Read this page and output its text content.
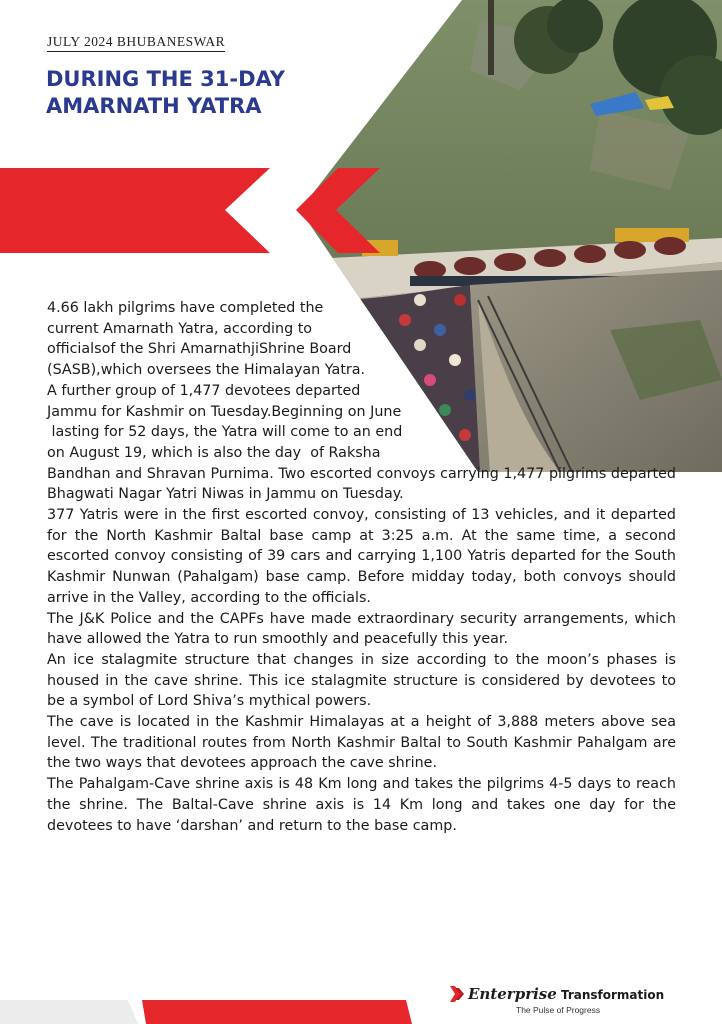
JULY 2024 BHUBANESWAR
DURING THE 31-DAY AMARNATH YATRA

4.66 lakh pilgrims have completed the
current Amarnath Yatra, according to
officialsof the Shri AmarnathjiShrine Board
(SASB),which oversees the Himalayan Yatra.
A further group of 1,477 devotees departed
Jammu for Kashmir on Tuesday.Beginning on June
lasting for 52 days, the Yatra will come to an end
on August 19, which is also the day  of Raksha

Bandhan and Shravan Purnima. Two escorted convoys carrying 1,477 pilgrims departed Bhagwati Nagar Yatri Niwas in Jammu on Tuesday.

377 Yatris were in the first escorted convoy, consisting of 13 vehicles, and it departed for the North Kashmir Baltal base camp at 3:25 a.m. At the same time, a second escorted convoy consisting of 39 cars and carrying 1,100 Yatris departed for the South Kashmir Nunwan (Pahalgam) base camp. Before midday today, both convoys should arrive in the Valley, according to the officials.

The J&K Police and the CAPFs have made extraordinary security arrangements, which have allowed the Yatra to run smoothly and peacefully this year.

An ice stalagmite structure that changes in size according to the moon’s phases is housed in the cave shrine. This ice stalagmite structure is considered by devotees to be a symbol of Lord Shiva’s mythical powers.

The cave is located in the Kashmir Himalayas at a height of 3,888 meters above sea level. The traditional routes from North Kashmir Baltal to South Kashmir Pahalgam are the two ways that devotees approach the cave shrine.

The Pahalgam-Cave shrine axis is 48 Km long and takes the pilgrims 4-5 days to reach the shrine. The Baltal-Cave shrine axis is 14 Km long and takes one day for the devotees to have ‘darshan’ and return to the base camp.

Enterprise Transformation
The Pulse of Progress
